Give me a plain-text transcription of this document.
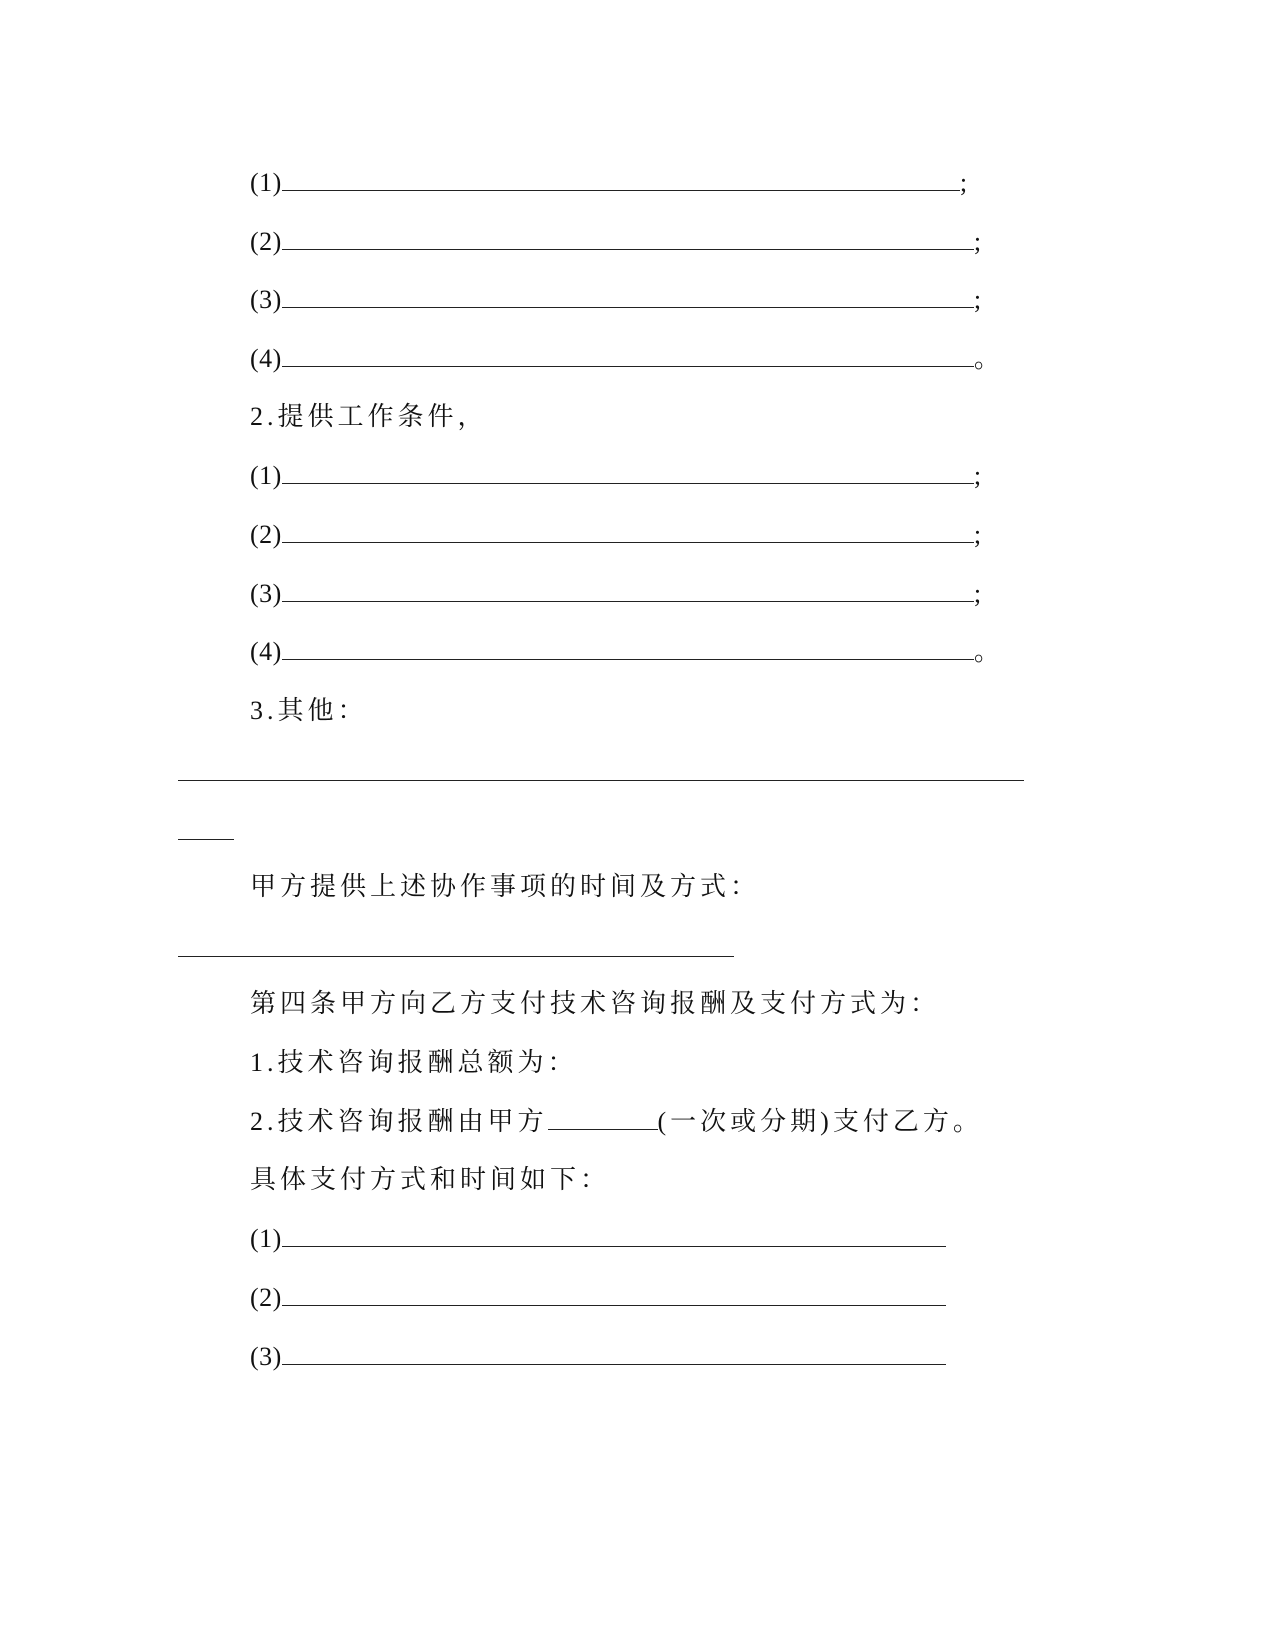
(1)	;
(2)	;
(3)	;
(4)	。
2.提供工作条件，
(1)	;
(2)	;
(3)	;
(4)	。
3.其他：
甲方提供上述协作事项的时间及方式：
第四条甲方向乙方支付技术咨询报酬及支付方式为：
1.技术咨询报酬总额为：
2.技术咨询报酬由甲方	(一次或分期)支付乙方。
具体支付方式和时间如下：
(1)
(2)
(3)
